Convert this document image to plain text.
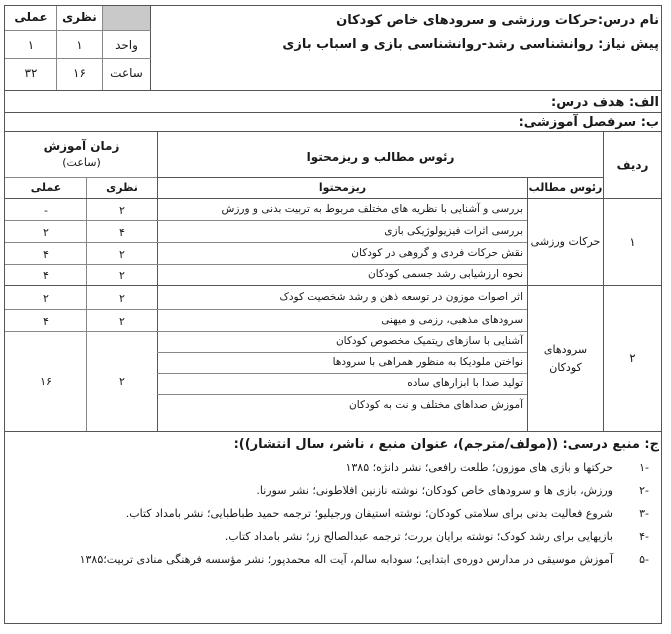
نظری
عملی
واحد
ساعت
۱
۱
۱۶
۳۲
نام درس:حرکات ورزشی و سرودهای خاص کودکان
پیش نیاز: روانشناسی رشد-روانشناسی بازی و اسباب بازی
الف: هدف درس:
ب: سرفصل آموزشی:
ردیف
رئوس مطالب و ریزمحتوا
زمان آموزش
(ساعت)
رئوس مطالب
ریزمحتوا
نظری
عملی
۱
حرکات ورزشی
بررسی و آشنایی با نظریه های مختلف مربوط به تربیت بدنی و ورزش
۲
-
بررسی اثرات فیزیولوژیکی بازی
۴
۲
نقش حرکات فردی و گروهی در کودکان
۲
۴
نحوه ارزشیابی رشد جسمی کودکان
۲
۴
۲
سرودهای
کودکان
اثر اصوات موزون در توسعه ذهن و رشد شخصیت کودک
۲
۲
سرودهای مذهبی، رزمی و میهنی
۲
۴
آشنایی با سازهای ریتمیک مخصوص کودکان
نواختن ملودیکا به منظور همراهی با سرودها
تولید صدا با ابزارهای ساده
آموزش صداهای مختلف و نت به کودکان
۲
۱۶
ج: منبع درسی: ((مولف/مترجم)، عنوان منبع ، ناشر، سال انتشار)):
-۱
حرکتها و بازی های موزون؛ طلعت رافعی؛ نشر دانژه؛ ۱۳۸۵
-۲
ورزش، بازی ها و سرودهای خاص کودکان؛ نوشته نازنین افلاطونی؛ نشر سورنا.
-۳
شروع فعالیت بدنی برای سلامتی کودکان؛ نوشته استیفان ورجیلیو؛ ترجمه حمید طباطبایی؛ نشر بامداد کتاب.
-۴
بازیهایی برای رشد کودک؛ نوشته برایان بررت؛ ترجمه عبدالصالح زر؛ نشر بامداد کتاب.
-۵
آموزش موسیقی در مدارس دوره‌ی ابتدایی؛ سودابه سالم، آیت اله محمدپور؛ نشر مؤسسه فرهنگی منادی تربیت؛۱۳۸۵
